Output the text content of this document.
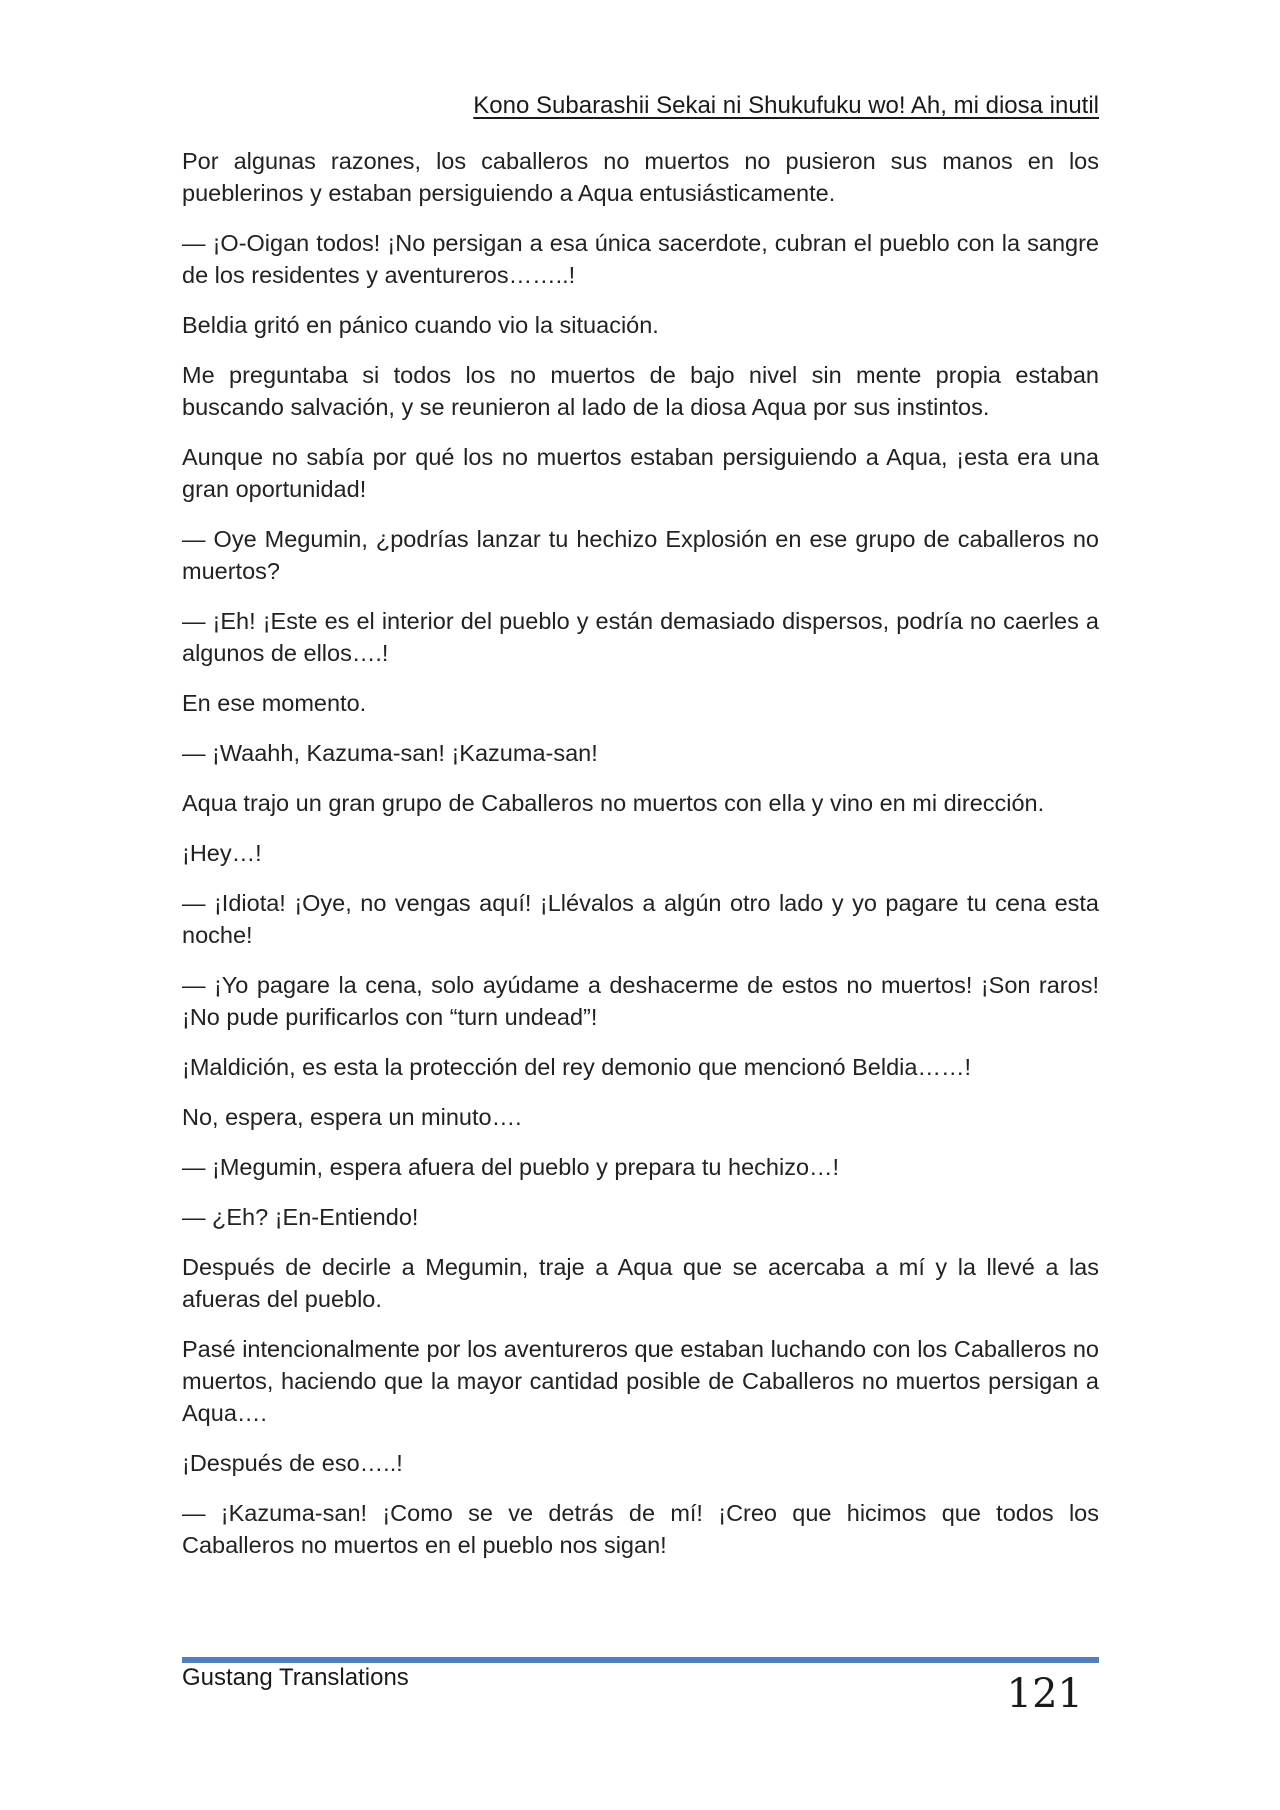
Kono Subarashii Sekai ni Shukufuku wo! Ah, mi diosa inutil

Por algunas razones, los caballeros no muertos no pusieron sus manos en los pueblerinos y estaban persiguiendo a Aqua entusiásticamente.

— ¡O-Oigan todos! ¡No persigan a esa única sacerdote, cubran el pueblo con la sangre de los residentes y aventureros……..!

Beldia gritó en pánico cuando vio la situación.

Me preguntaba si todos los no muertos de bajo nivel sin mente propia estaban buscando salvación, y se reunieron al lado de la diosa Aqua por sus instintos.

Aunque no sabía por qué los no muertos estaban persiguiendo a Aqua, ¡esta era una gran oportunidad!

— Oye Megumin, ¿podrías lanzar tu hechizo Explosión en ese grupo de caballeros no muertos?

— ¡Eh! ¡Este es el interior del pueblo y están demasiado dispersos, podría no caerles a algunos de ellos….!

En ese momento.

— ¡Waahh, Kazuma-san! ¡Kazuma-san!

Aqua trajo un gran grupo de Caballeros no muertos con ella y vino en mi dirección.

¡Hey…!

— ¡Idiota! ¡Oye, no vengas aquí! ¡Llévalos a algún otro lado y yo pagare tu cena esta noche!

— ¡Yo pagare la cena, solo ayúdame a deshacerme de estos no muertos! ¡Son raros! ¡No pude purificarlos con “turn undead”!

¡Maldición, es esta la protección del rey demonio que mencionó Beldia……!

No, espera, espera un minuto….

— ¡Megumin, espera afuera del pueblo y prepara tu hechizo…!

— ¿Eh? ¡En-Entiendo!

Después de decirle a Megumin, traje a Aqua que se acercaba a mí y la llevé a las afueras del pueblo.

Pasé intencionalmente por los aventureros que estaban luchando con los Caballeros no muertos, haciendo que la mayor cantidad posible de Caballeros no muertos persigan a Aqua….

¡Después de eso…..!

— ¡Kazuma-san! ¡Como se ve detrás de mí! ¡Creo que hicimos que todos los Caballeros no muertos en el pueblo nos sigan!

Gustang Translations	121
